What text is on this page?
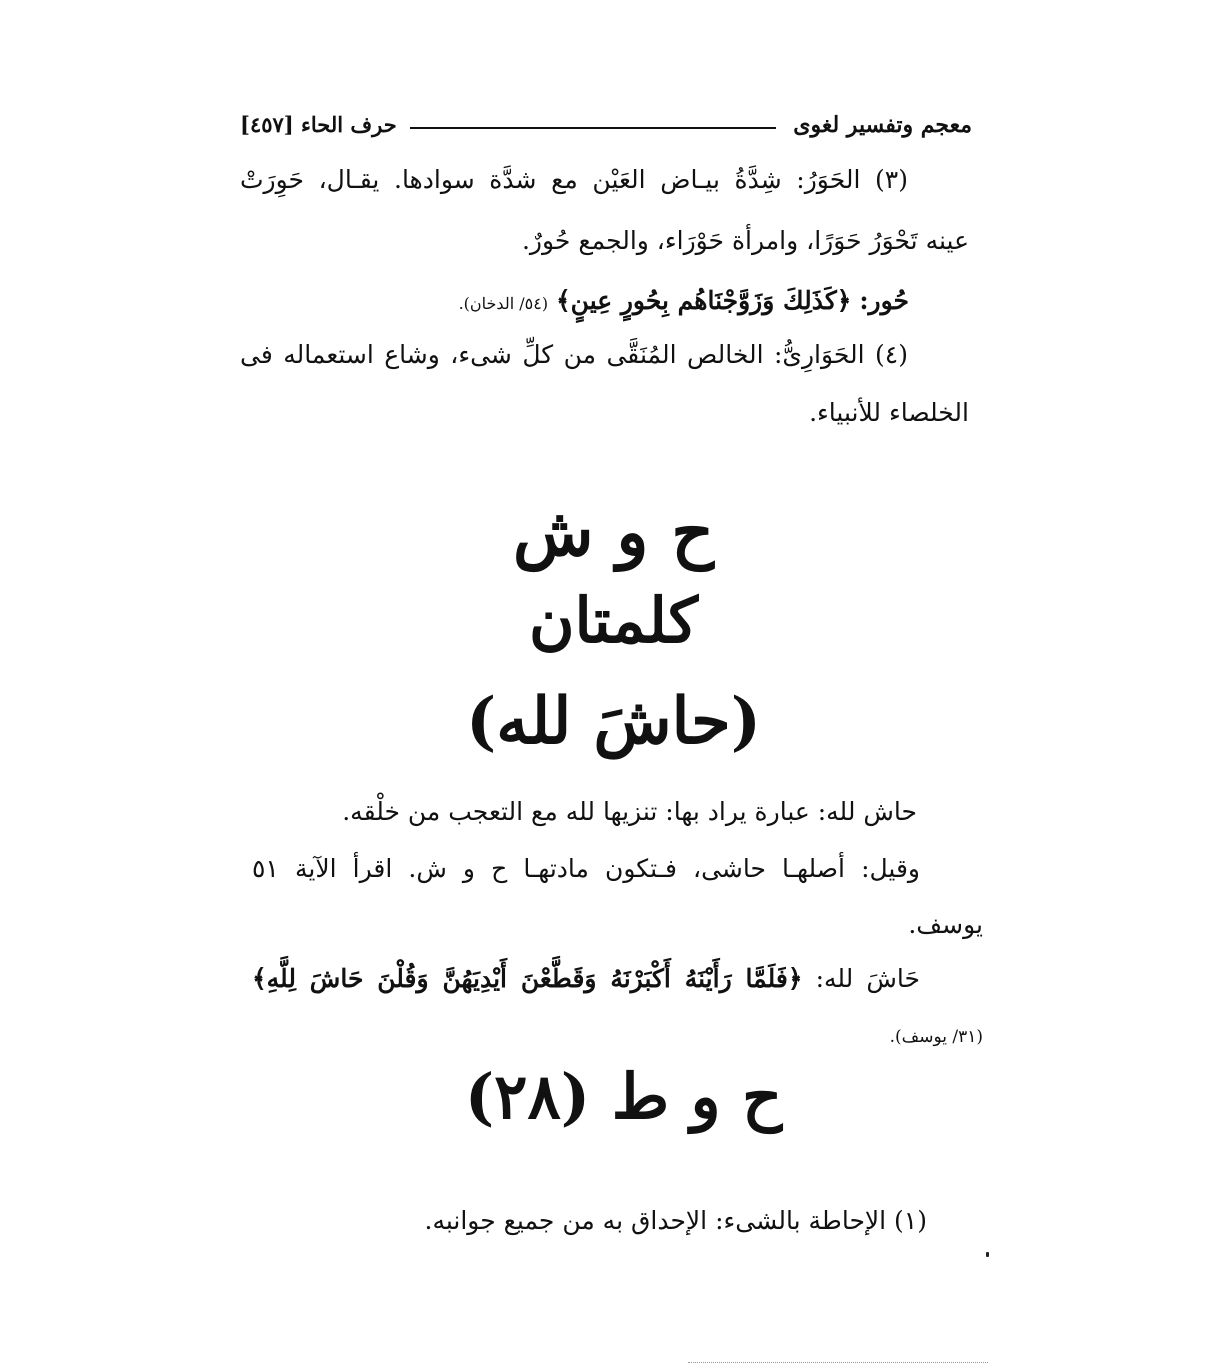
معجم وتفسير لغوى
حرف الحاء [٤٥٧]
(٣) الحَوَرُ: شِدَّةُ بيـاض العَيْن مع شدَّة سوادها. يقـال، حَوِرَتْ
عينه تَحْوَرُ حَوَرًا، وامرأة حَوْرَاء، والجمع حُورٌ.
حُور: ﴿كَذَلِكَ وَزَوَّجْنَاهُم بِحُورٍ عِينٍ﴾ (٥٤/ الدخان).
(٤) الحَوَارِىُّ: الخالص المُنَقَّى من كلِّ شىء، وشاع استعماله فى
الخلصاء للأنبياء.
ح و ش
كلمتان
(حاشَ لله)
حاش لله: عبارة يراد بها: تنزيها لله مع التعجب من خلْقه.
وقيل: أصلهـا حاشى، فـتكون مادتهـا ح و ش. اقرأ الآية ٥١
يوسف.
حَاشَ لله: ﴿فَلَمَّا رَأَيْنَهُ أَكْبَرْنَهُ وَقَطَّعْنَ أَيْدِيَهُنَّ وَقُلْنَ حَاشَ لِلَّهِ﴾
(٣١/ يوسف).
ح و ط (٢٨)
(١) الإحاطة بالشىء: الإحداق به من جميع جوانبه.
